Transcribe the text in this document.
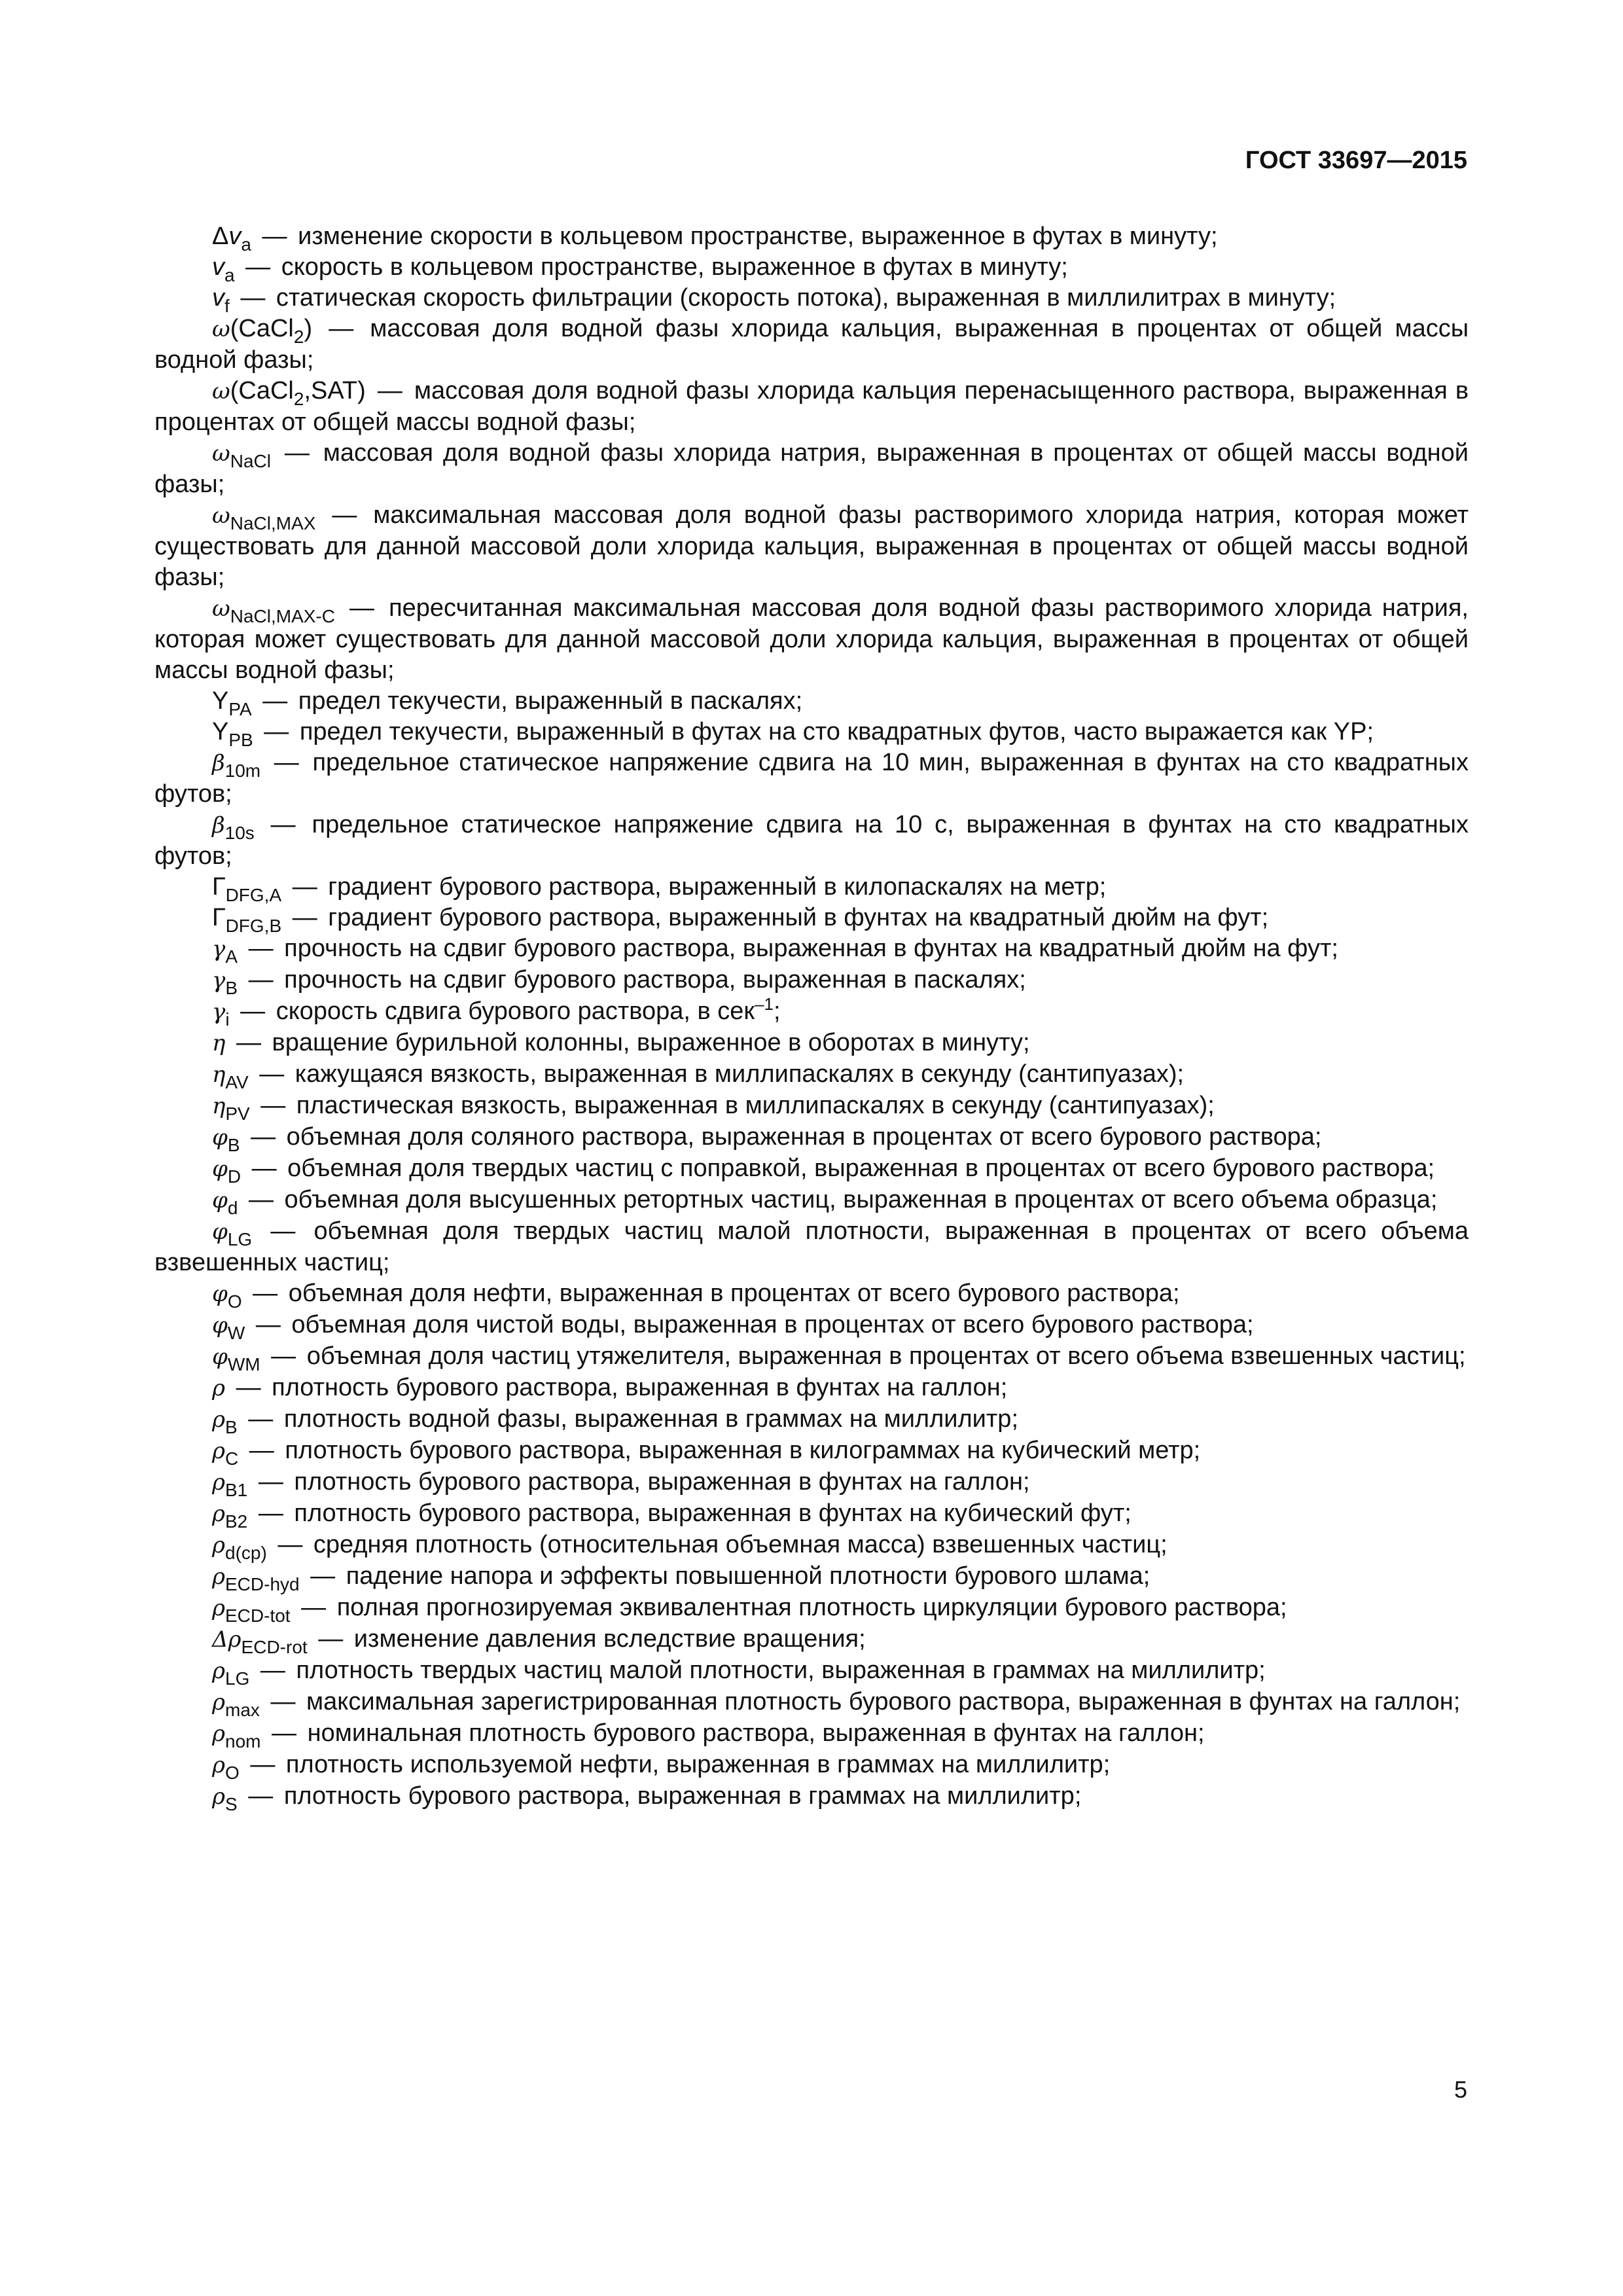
ГОСТ 33697—2015

$\Delta v_a$ — изменение скорости в кольцевом пространстве, выраженное в футах в минуту;

$v_a$ — скорость в кольцевом пространстве, выраженное в футах в минуту;

$v_f$ — статическая скорость фильтрации (скорость потока), выраженная в миллилитрах в минуту;

ω(CaCl$_2$) — массовая доля водной фазы хлорида кальция, выраженная в процентах от общей массы водной фазы;

ω(CaCl$_2$,SAT) — массовая доля водной фазы хлорида кальция перенасыщенного раствора, выраженная в процентах от общей массы водной фазы;

$\omega_{NaCl}$ — массовая доля водной фазы хлорида натрия, выраженная в процентах от общей массы водной фазы;

$\omega_{NaCl,MAX}$ — максимальная массовая доля водной фазы растворимого хлорида натрия, которая может существовать для данной массовой доли хлорида кальция, выраженная в процентах от общей массы водной фазы;

$\omega_{NaCl,MAX-C}$ — пересчитанная максимальная массовая доля водной фазы растворимого хлорида натрия, которая может существовать для данной массовой доли хлорида кальция, выраженная в процентах от общей массы водной фазы;

$Y_{PA}$ — предел текучести, выраженный в паскалях;

$Y_{PB}$ — предел текучести, выраженный в футах на сто квадратных футов, часто выражается как YP;

$\beta_{10m}$ — предельное статическое напряжение сдвига на 10 мин, выраженная в фунтах на сто квадратных футов;

$\beta_{10s}$ — предельное статическое напряжение сдвига на 10 с, выраженная в фунтах на сто квадратных футов;

$Г_{DFG,A}$ — градиент бурового раствора, выраженный в килопаскалях на метр;

$Г_{DFG,B}$ — градиент бурового раствора, выраженный в фунтах на квадратный дюйм на фут;

$\gamma_A$ — прочность на сдвиг бурового раствора, выраженная в фунтах на квадратный дюйм на фут;

$\gamma_B$ — прочность на сдвиг бурового раствора, выраженная в паскалях;

$\gamma_i$ — скорость сдвига бурового раствора, в сек$^{-1}$;

η — вращение бурильной колонны, выраженное в оборотах в минуту;

$\eta_{AV}$ — кажущаяся вязкость, выраженная в миллипаскалях в секунду (сантипуазах);

$\eta_{PV}$ — пластическая вязкость, выраженная в миллипаскалях в секунду (сантипуазах);

$\varphi_B$ — объемная доля соляного раствора, выраженная в процентах от всего бурового раствора;

$\varphi_D$ — объемная доля твердых частиц с поправкой, выраженная в процентах от всего бурового раствора;

$\varphi_d$ — объемная доля высушенных ретортных частиц, выраженная в процентах от всего объема образца;

$\varphi_{LG}$ — объемная доля твердых частиц малой плотности, выраженная в процентах от всего объема взвешенных частиц;

$\varphi_O$ — объемная доля нефти, выраженная в процентах от всего бурового раствора;

$\varphi_W$ — объемная доля чистой воды, выраженная в процентах от всего бурового раствора;

$\varphi_{WM}$ — объемная доля частиц утяжелителя, выраженная в процентах от всего объема взвешенных частиц;

ρ — плотность бурового раствора, выраженная в фунтах на галлон;

$\rho_B$ — плотность водной фазы, выраженная в граммах на миллилитр;

$\rho_C$ — плотность бурового раствора, выраженная в килограммах на кубический метр;

$\rho_{B1}$ — плотность бурового раствора, выраженная в фунтах на галлон;

$\rho_{B2}$ — плотность бурового раствора, выраженная в фунтах на кубический фут;

$\rho_{d(cp)}$ — средняя плотность (относительная объемная масса) взвешенных частиц;

$\rho_{ECD-hyd}$ — падение напора и эффекты повышенной плотности бурового шлама;

$\rho_{ECD-tot}$ — полная прогнозируемая эквивалентная плотность циркуляции бурового раствора;

$\Delta\rho_{ECD-rot}$ — изменение давления вследствие вращения;

$\rho_{LG}$ — плотность твердых частиц малой плотности, выраженная в граммах на миллилитр;

$\rho_{max}$ — максимальная зарегистрированная плотность бурового раствора, выраженная в фунтах на галлон;

$\rho_{nom}$ — номинальная плотность бурового раствора, выраженная в фунтах на галлон;

$\rho_O$ — плотность используемой нефти, выраженная в граммах на миллилитр;

$\rho_S$ — плотность бурового раствора, выраженная в граммах на миллилитр;

5
